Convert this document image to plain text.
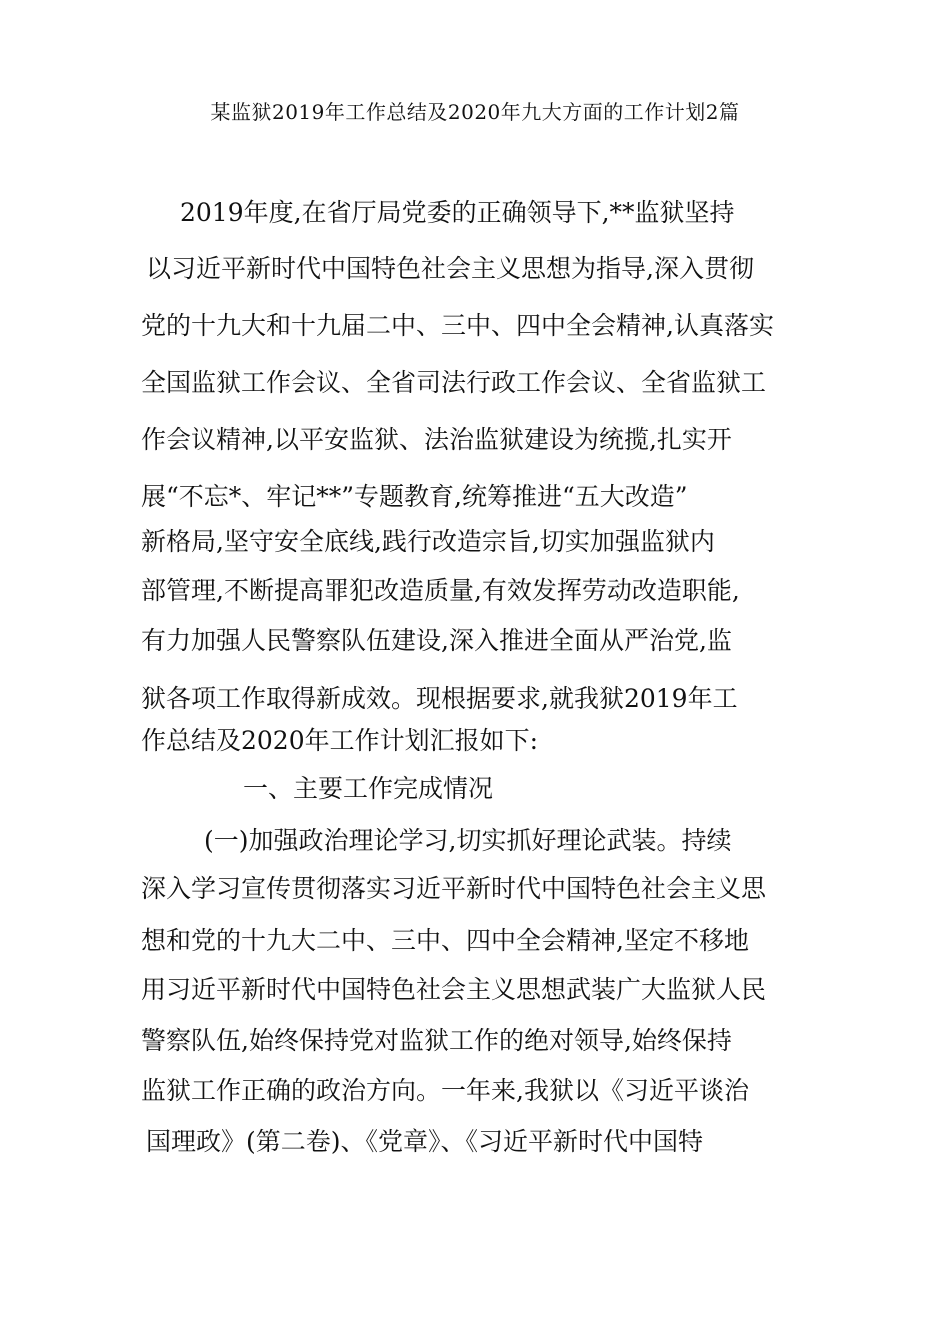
某监狱2019年工作总结及2020年九大方面的工作计划2篇
2019年度,在省厅局党委的正确领导下,**监狱坚持
以习近平新时代中国特色社会主义思想为指导,深入贯彻
党的十九大和十九届二中、三中、四中全会精神,认真落实
全国监狱工作会议、全省司法行政工作会议、全省监狱工
作会议精神,以平安监狱、法治监狱建设为统揽,扎实开
展“不忘*、牢记**”专题教育,统筹推进“五大改造”
新格局,坚守安全底线,践行改造宗旨,切实加强监狱内
部管理,不断提高罪犯改造质量,有效发挥劳动改造职能,
有力加强人民警察队伍建设,深入推进全面从严治党,监
狱各项工作取得新成效。现根据要求,就我狱2019年工
作总结及2020年工作计划汇报如下:
一、主要工作完成情况
(一)加强政治理论学习,切实抓好理论武装。持续
深入学习宣传贯彻落实习近平新时代中国特色社会主义思
想和党的十九大二中、三中、四中全会精神,坚定不移地
用习近平新时代中国特色社会主义思想武装广大监狱人民
警察队伍,始终保持党对监狱工作的绝对领导,始终保持
监狱工作正确的政治方向。一年来,我狱以《习近平谈治
国理政》(第二卷)、《党章》、《习近平新时代中国特
